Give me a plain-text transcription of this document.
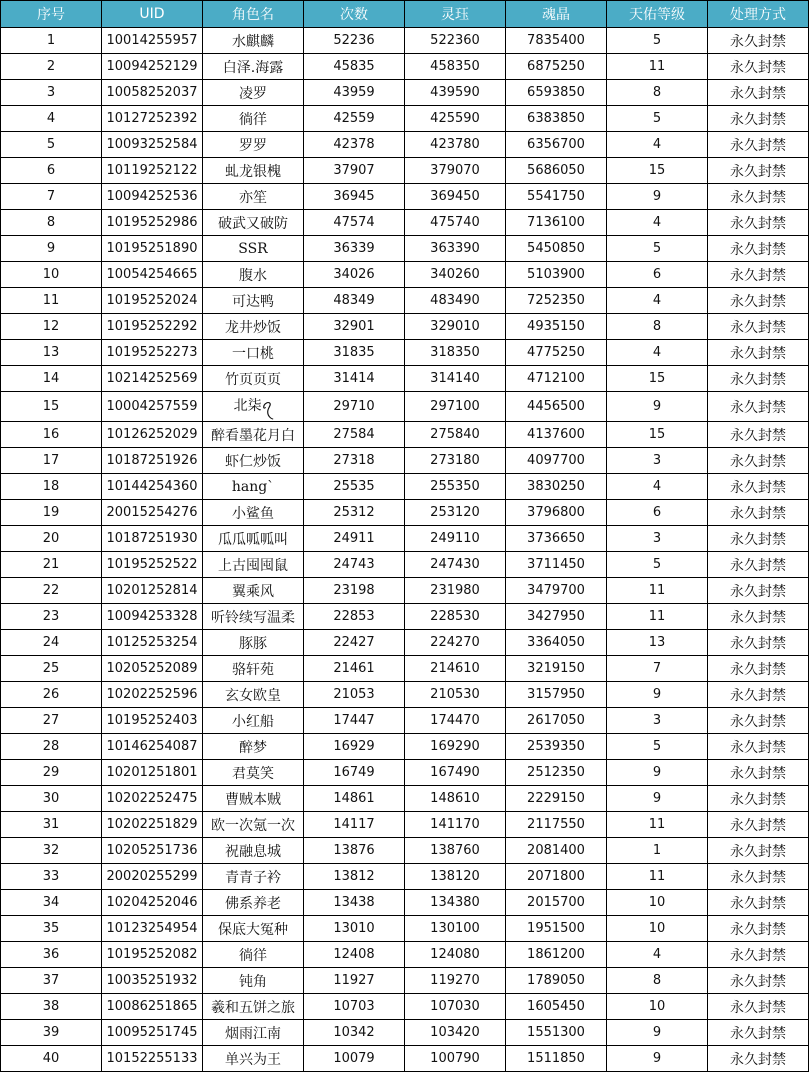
序号	UID	角色名	次数	灵珏	魂晶	天佑等级	处理方式
1	10014255957	水麒麟	52236	522360	7835400	5	永久封禁
2	10094252129	白泽.海露	45835	458350	6875250	11	永久封禁
3	10058252037	凌罗	43959	439590	6593850	8	永久封禁
4	10127252392	徜徉	42559	425590	6383850	5	永久封禁
5	10093252584	罗罗	42378	423780	6356700	4	永久封禁
6	10119252122	虬龙银槐	37907	379070	5686050	15	永久封禁
7	10094252536	亦笙	36945	369450	5541750	9	永久封禁
8	10195252986	破武又破防	47574	475740	7136100	4	永久封禁
9	10195251890	SSR	36339	363390	5450850	5	永久封禁
10	10054254665	腹水	34026	340260	5103900	6	永久封禁
11	10195252024	可达鸭	48349	483490	7252350	4	永久封禁
12	10195252292	龙井炒饭	32901	329010	4935150	8	永久封禁
13	10195252273	一口桃	31835	318350	4775250	4	永久封禁
14	10214252569	竹页页页	31414	314140	4712100	15	永久封禁
15	10004257559	北柒ꪖ	29710	297100	4456500	9	永久封禁
16	10126252029	醉看墨花月白	27584	275840	4137600	15	永久封禁
17	10187251926	虾仁炒饭	27318	273180	4097700	3	永久封禁
18	10144254360	hang`	25535	255350	3830250	4	永久封禁
19	20015254276	小鲨鱼	25312	253120	3796800	6	永久封禁
20	10187251930	瓜瓜呱呱叫	24911	249110	3736650	3	永久封禁
21	10195252522	上古囤囤鼠	24743	247430	3711450	5	永久封禁
22	10201252814	翼乘风	23198	231980	3479700	11	永久封禁
23	10094253328	听铃续写温柔	22853	228530	3427950	11	永久封禁
24	10125253254	豚豚	22427	224270	3364050	13	永久封禁
25	10205252089	骆轩苑	21461	214610	3219150	7	永久封禁
26	10202252596	玄女欧皇	21053	210530	3157950	9	永久封禁
27	10195252403	小红船	17447	174470	2617050	3	永久封禁
28	10146254087	醉梦	16929	169290	2539350	5	永久封禁
29	10201251801	君莫笑	16749	167490	2512350	9	永久封禁
30	10202252475	曹贼本贼	14861	148610	2229150	9	永久封禁
31	10202251829	欧一次氪一次	14117	141170	2117550	11	永久封禁
32	10205251736	祝融息城	13876	138760	2081400	1	永久封禁
33	20020255299	青青子衿	13812	138120	2071800	11	永久封禁
34	10204252046	佛系养老	13438	134380	2015700	10	永久封禁
35	10123254954	保底大冤种	13010	130100	1951500	10	永久封禁
36	10195252082	徜徉	12408	124080	1861200	4	永久封禁
37	10035251932	钝角	11927	119270	1789050	8	永久封禁
38	10086251865	羲和五饼之旅	10703	107030	1605450	10	永久封禁
39	10095251745	烟雨江南	10342	103420	1551300	9	永久封禁
40	10152255133	单兴为王	10079	100790	1511850	9	永久封禁
